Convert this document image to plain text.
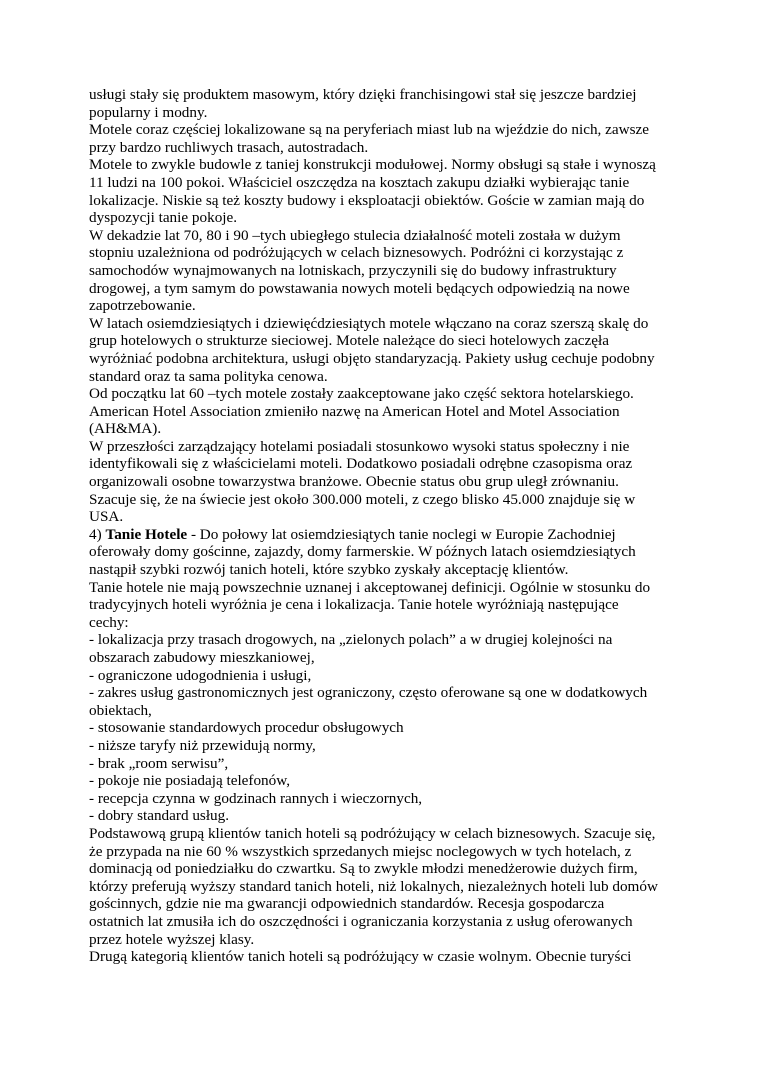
usługi stały się produktem masowym, który dzięki franchisingowi stał się jeszcze bardziej
popularny i modny.
Motele coraz częściej lokalizowane są na peryferiach miast lub na wjeździe do nich, zawsze
przy bardzo ruchliwych trasach, autostradach.
Motele to zwykle budowle z taniej konstrukcji modułowej. Normy obsługi są stałe i wynoszą
11 ludzi na 100 pokoi. Właściciel oszczędza na kosztach zakupu działki wybierając tanie
lokalizacje. Niskie są też koszty budowy i eksploatacji obiektów. Goście w zamian mają do
dyspozycji tanie pokoje.
W dekadzie lat 70, 80 i 90 –tych ubiegłego stulecia działalność moteli została w dużym
stopniu uzależniona od podróżujących w celach biznesowych. Podróżni ci korzystając z
samochodów wynajmowanych na lotniskach, przyczynili się do budowy infrastruktury
drogowej, a tym samym do powstawania nowych moteli będących odpowiedzią na nowe
zapotrzebowanie.
W latach osiemdziesiątych i dziewięćdziesiątych motele włączano na coraz szerszą skalę do
grup hotelowych o strukturze sieciowej. Motele należące do sieci hotelowych zaczęła
wyróżniać podobna architektura, usługi objęto standaryzacją. Pakiety usług cechuje podobny
standard oraz ta sama polityka cenowa.
Od początku lat 60 –tych motele zostały zaakceptowane jako część sektora hotelarskiego.
American Hotel Association zmieniło nazwę na American Hotel and Motel Association
(AH&MA).
W przeszłości zarządzający hotelami posiadali stosunkowo wysoki status społeczny i nie
identyfikowali się z właścicielami moteli. Dodatkowo posiadali odrębne czasopisma oraz
organizowali osobne towarzystwa branżowe. Obecnie status obu grup uległ zrównaniu.
Szacuje się, że na świecie jest około 300.000 moteli, z czego blisko 45.000 znajduje się w
USA.
4) Tanie Hotele - Do połowy lat osiemdziesiątych tanie noclegi w Europie Zachodniej
oferowały domy gościnne, zajazdy, domy farmerskie. W późnych latach osiemdziesiątych
nastąpił szybki rozwój tanich hoteli, które szybko zyskały akceptację klientów.
Tanie hotele nie mają powszechnie uznanej i akceptowanej definicji. Ogólnie w stosunku do
tradycyjnych hoteli wyróżnia je cena i lokalizacja. Tanie hotele wyróżniają następujące
cechy:
- lokalizacja przy trasach drogowych, na „zielonych polach” a w drugiej kolejności na
obszarach zabudowy mieszkaniowej,
- ograniczone udogodnienia i usługi,
- zakres usług gastronomicznych jest ograniczony, często oferowane są one w dodatkowych
obiektach,
- stosowanie standardowych procedur obsługowych
- niższe taryfy niż przewidują normy,
- brak „room serwisu”,
- pokoje nie posiadają telefonów,
- recepcja czynna w godzinach rannych i wieczornych,
- dobry standard usług.
Podstawową grupą klientów tanich hoteli są podróżujący w celach biznesowych. Szacuje się,
że przypada na nie 60 % wszystkich sprzedanych miejsc noclegowych w tych hotelach, z
dominacją od poniedziałku do czwartku. Są to zwykle młodzi menedżerowie dużych firm,
którzy preferują wyższy standard tanich hoteli, niż lokalnych, niezależnych hoteli lub domów
gościnnych, gdzie nie ma gwarancji odpowiednich standardów. Recesja gospodarcza
ostatnich lat zmusiła ich do oszczędności i ograniczania korzystania z usług oferowanych
przez hotele wyższej klasy.
Drugą kategorią klientów tanich hoteli są podróżujący w czasie wolnym. Obecnie turyści
